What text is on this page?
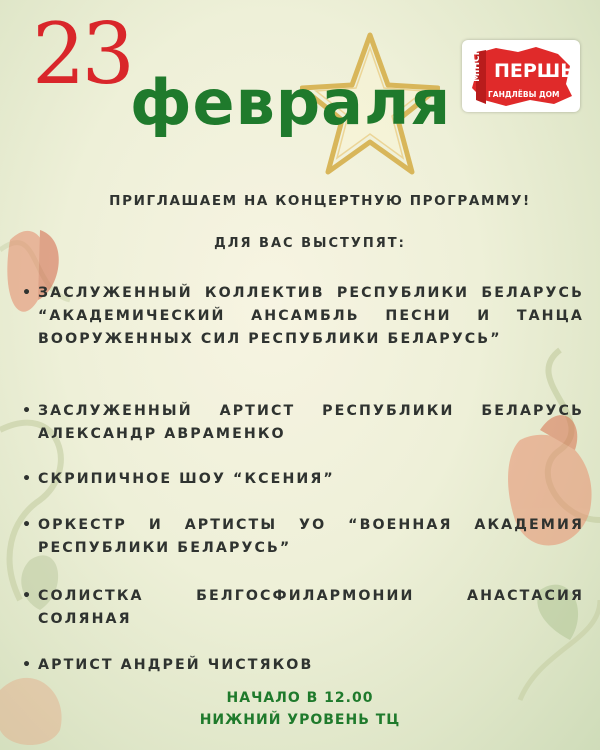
23 февраля
МІНСК ПЕРШЫ
ГАНДЛЁВЫ ДОМ
ПРИГЛАШАЕМ НА КОНЦЕРТНУЮ ПРОГРАММУ!
ДЛЯ ВАС ВЫСТУПЯТ:
• ЗАСЛУЖЕННЫЙ КОЛЛЕКТИВ РЕСПУБЛИКИ БЕЛАРУСЬ “АКАДЕМИЧЕСКИЙ АНСАМБЛЬ ПЕСНИ И ТАНЦА ВООРУЖЕННЫХ СИЛ РЕСПУБЛИКИ БЕЛАРУСЬ”
• ЗАСЛУЖЕННЫЙ АРТИСТ РЕСПУБЛИКИ БЕЛАРУСЬ АЛЕКСАНДР АВРАМЕНКО
• СКРИПИЧНОЕ ШОУ “КСЕНИЯ”
• ОРКЕСТР И АРТИСТЫ УО “ВОЕННАЯ АКАДЕМИЯ РЕСПУБЛИКИ БЕЛАРУСЬ”
• СОЛИСТКА БЕЛГОСФИЛАРМОНИИ АНАСТАСИЯ СОЛЯНАЯ
• АРТИСТ АНДРЕЙ ЧИСТЯКОВ
НАЧАЛО В 12.00
НИЖНИЙ УРОВЕНЬ ТЦ
